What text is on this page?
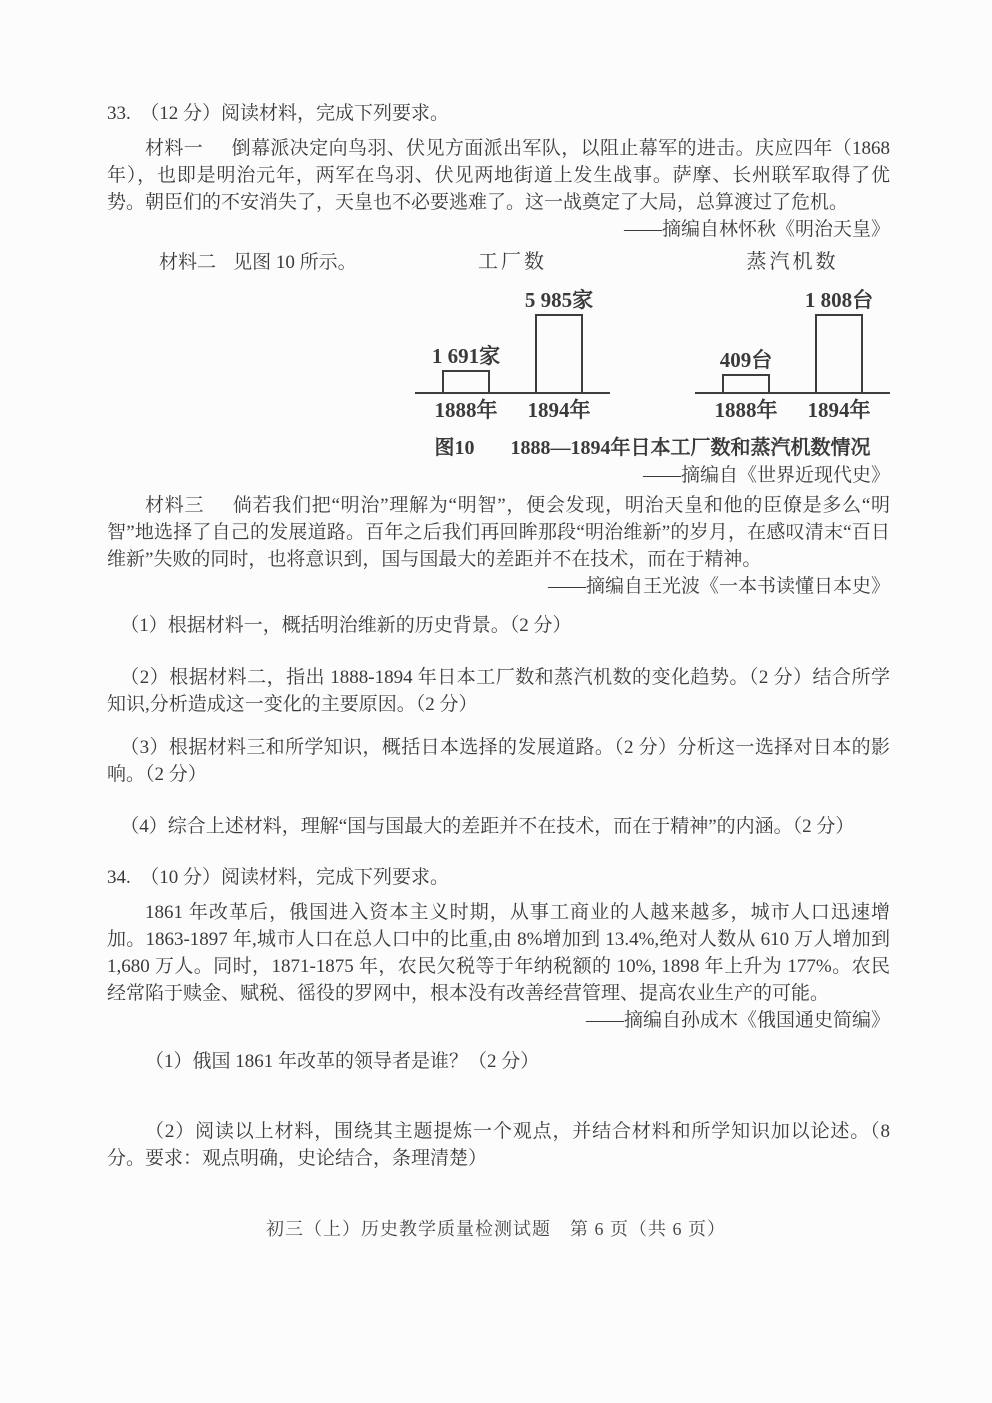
33.　（12 分）阅读材料，完成下列要求。

材料一 倒幕派决定向鸟羽、伏见方面派出军队，以阻止幕军的进击。庆应四年（1868 年），也即是明治元年，两军在鸟羽、伏见两地街道上发生战事。萨摩、长州联军取得了优势。朝臣们的不安消失了，天皇也不必要逃难了。这一战奠定了大局，总算渡过了危机。

——摘编自林怀秋《明治天皇》

材料二 见图 10 所示。	工厂数
1 691家
5 985家
1888年	1894年
蒸汽机数
409台
1 808台
1888年	1894年
图10 1888—1894年日本工厂数和蒸汽机数情况

——摘编自《世界近现代史》

材料三 倘若我们把“明治”理解为“明智”，便会发现，明治天皇和他的臣僚是多么“明智”地选择了自己的发展道路。百年之后我们再回眸那段“明治维新”的岁月，在感叹清末“百日维新”失败的同时，也将意识到，国与国最大的差距并不在技术，而在于精神。

——摘编自王光波《一本书读懂日本史》

（1）根据材料一，概括明治维新的历史背景。（2 分）

（2）根据材料二，指出 1888-1894 年日本工厂数和蒸汽机数的变化趋势。（2 分）结合所学知识,分析造成这一变化的主要原因。（2 分）

（3）根据材料三和所学知识，概括日本选择的发展道路。（2 分）分析这一选择对日本的影响。（2 分）

（4）综合上述材料，理解“国与国最大的差距并不在技术，而在于精神”的内涵。（2 分）

34.　（10 分）阅读材料，完成下列要求。

1861 年改革后，俄国进入资本主义时期，从事工商业的人越来越多，城市人口迅速增加。1863-1897 年,城市人口在总人口中的比重,由 8%增加到 13.4%,绝对人数从 610 万人增加到 1,680 万人。同时，1871-1875 年，农民欠税等于年纳税额的 10%, 1898 年上升为 177%。农民经常陷于赎金、赋税、徭役的罗网中，根本没有改善经营管理、提高农业生产的可能。

——摘编自孙成木《俄国通史简编》

（1）俄国 1861 年改革的领导者是谁？（2 分）

（2）阅读以上材料，围绕其主题提炼一个观点，并结合材料和所学知识加以论述。（8 分。要求：观点明确，史论结合，条理清楚）

初三（上）历史教学质量检测试题　第 6 页（共 6 页）
